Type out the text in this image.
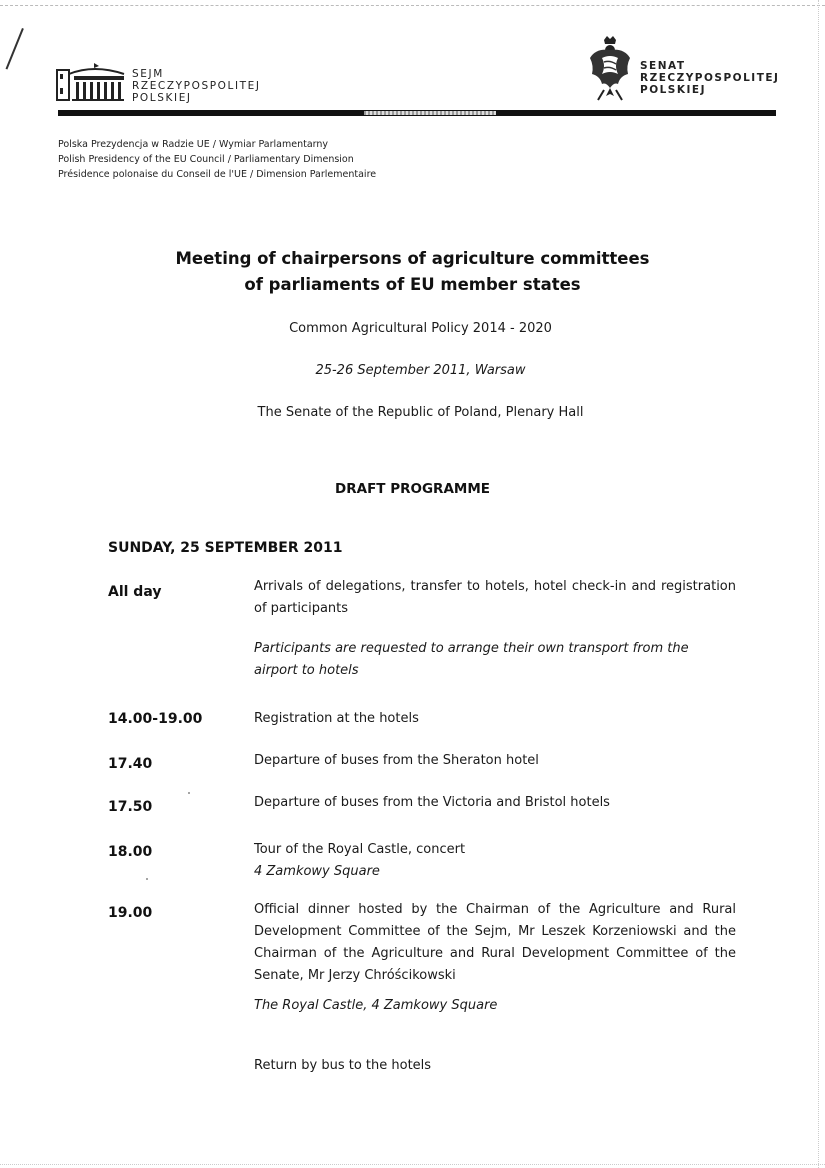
SEJM
RZECZYPOSPOLITEJ
POLSKIEJ
SENAT
RZECZYPOSPOLITEJ
POLSKIEJ
Polska Prezydencja w Radzie UE / Wymiar Parlamentarny
Polish Presidency of the EU Council / Parliamentary Dimension
Présidence polonaise du Conseil de l'UE / Dimension Parlementaire
Meeting of chairpersons of agriculture committees
of parliaments of EU member states
Common Agricultural Policy 2014 - 2020
25-26 September 2011, Warsaw
The Senate of the Republic of Poland, Plenary Hall
DRAFT PROGRAMME
SUNDAY, 25 SEPTEMBER 2011
All day	Arrivals of delegations, transfer to hotels, hotel check-in and registration of participants

Participants are requested to arrange their own transport from the airport to hotels

14.00-19.00	Registration at the hotels

17.40	Departure of buses from the Sheraton hotel

17.50	Departure of buses from the Victoria and Bristol hotels

18.00	Tour of the Royal Castle, concert

4 Zamkowy Square

19.00	Official dinner hosted by the Chairman of the Agriculture and Rural Development Committee of the Sejm, Mr Leszek Korzeniowski and the Chairman of the Agriculture and Rural Development Committee of the Senate, Mr Jerzy Chróścikowski

The Royal Castle, 4 Zamkowy Square

Return by bus to the hotels
